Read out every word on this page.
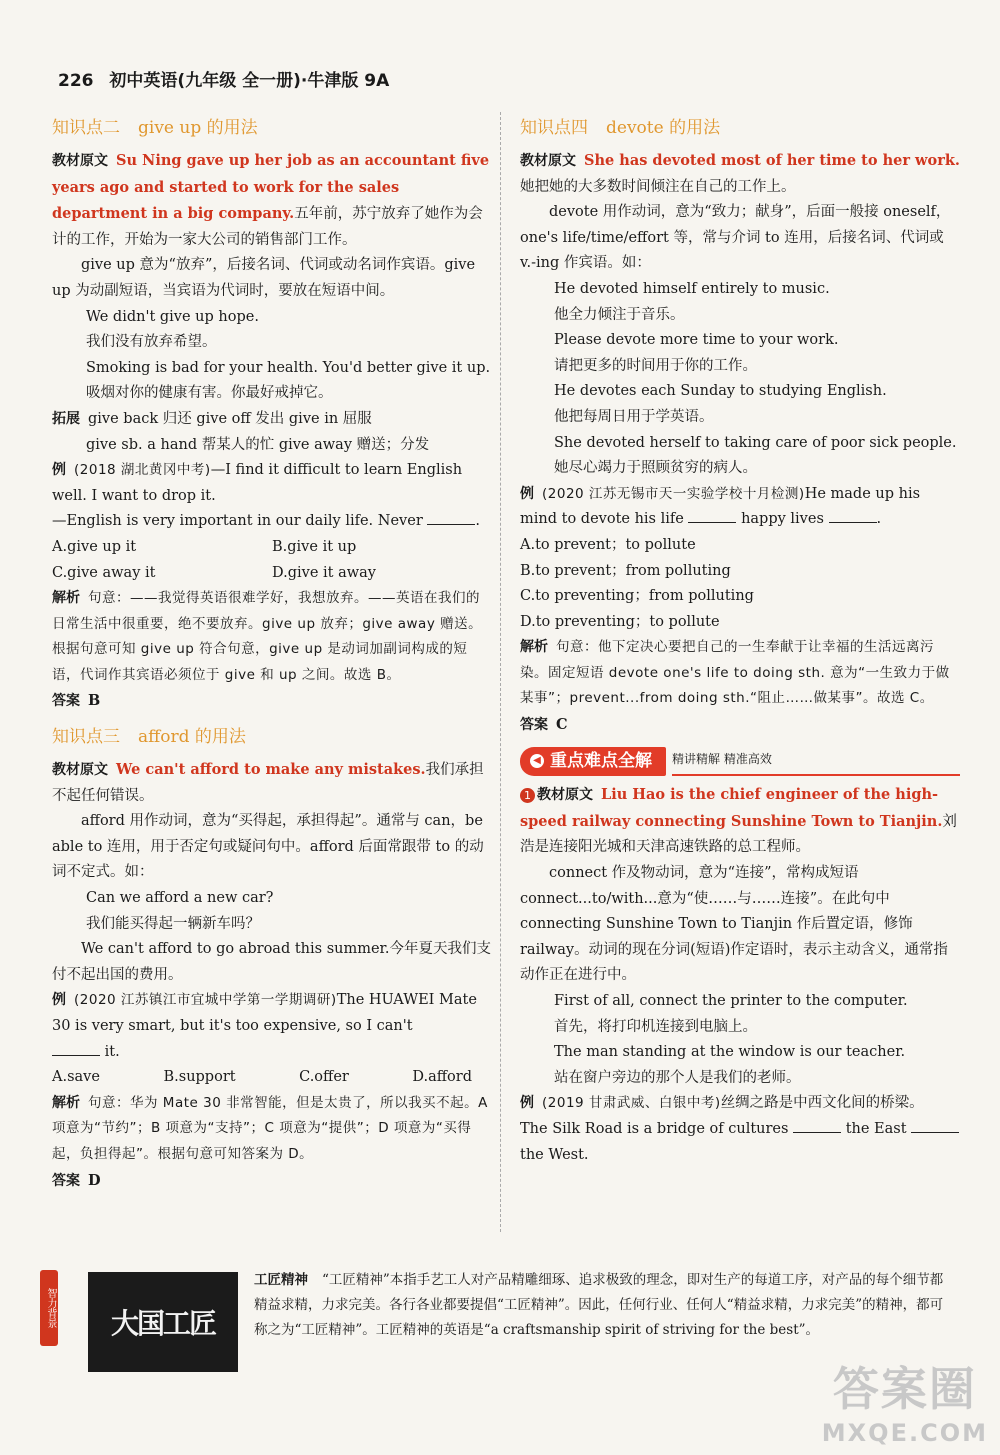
226 初中英语(九年级 全一册)·牛津版 9A
知识点二 give up 的用法

教材原文 Su Ning gave up her job as an accountant five years ago and started to work for the sales department in a big company.五年前，苏宁放弃了她作为会计的工作，开始为一家大公司的销售部门工作。

give up 意为“放弃”，后接名词、代词或动名词作宾语。give up 为动副短语，当宾语为代词时，要放在短语中间。

We didn't give up hope.

我们没有放弃希望。

Smoking is bad for your health. You'd better give it up.

吸烟对你的健康有害。你最好戒掉它。

拓展 give back 归还 give off 发出 give in 屈服

give sb. a hand 帮某人的忙 give away 赠送；分发

例 (2018 湖北黄冈中考)—I find it difficult to learn English well. I want to drop it.

—English is very important in our daily life. Never	.

A.give up it	B.give it up
C.give away it	D.give it away

解析 句意：——我觉得英语很难学好，我想放弃。——英语在我们的日常生活中很重要，绝不要放弃。give up 放弃；give away 赠送。根据句意可知 give up 符合句意，give up 是动词加副词构成的短语，代词作其宾语必须位于 give 和 up 之间。故选 B。

答案 B

知识点三 afford 的用法

教材原文 We can't afford to make any mistakes.我们承担不起任何错误。

afford 用作动词，意为“买得起，承担得起”。通常与 can，be able to 连用，用于否定句或疑问句中。afford 后面常跟带 to 的动词不定式。如：

Can we afford a new car?

我们能买得起一辆新车吗？

We can't afford to go abroad this summer.今年夏天我们支付不起出国的费用。

例 (2020 江苏镇江市宜城中学第一学期调研)The HUAWEI Mate 30 is very smart, but it's too expensive, so I can't

it.

A.save	B.support	C.offer	D.afford

解析 句意：华为 Mate 30 非常智能，但是太贵了，所以我买不起。A 项意为“节约”；B 项意为“支持”；C 项意为“提供”；D 项意为“买得起，负担得起”。根据句意可知答案为 D。

答案 D

知识点四 devote 的用法

教材原文 She has devoted most of her time to her work.她把她的大多数时间倾注在自己的工作上。

devote 用作动词，意为“致力；献身”，后面一般接 oneself，one's life/time/effort 等，常与介词 to 连用，后接名词、代词或 v.-ing 作宾语。如：

He devoted himself entirely to music.

他全力倾注于音乐。

Please devote more time to your work.

请把更多的时间用于你的工作。

He devotes each Sunday to studying English.

他把每周日用于学英语。

She devoted herself to taking care of poor sick people.

她尽心竭力于照顾贫穷的病人。

例 (2020 江苏无锡市天一实验学校十月检测)He made up his mind to devote his life	happy lives	.

A.to prevent；to pollute

B.to prevent；from polluting

C.to preventing；from polluting

D.to preventing；to pollute

解析 句意：他下定决心要把自己的一生奉献于让幸福的生活远离污染。固定短语 devote one's life to doing sth. 意为“一生致力于做某事”；prevent...from doing sth.“阻止……做某事”。故选 C。

答案 C

◀ 重点难点全解 精讲精解 精准高效

1 教材原文 Liu Hao is the chief engineer of the high-speed railway connecting Sunshine Town to Tianjin.刘浩是连接阳光城和天津高速铁路的总工程师。

connect 作及物动词，意为“连接”，常构成短语 connect...to/with...意为“使……与……连接”。在此句中 connecting Sunshine Town to Tianjin 作后置定语，修饰 railway。动词的现在分词(短语)作定语时，表示主动含义，通常指动作正在进行中。

First of all, connect the printer to the computer.

首先，将打印机连接到电脑上。

The man standing at the window is our teacher.

站在窗户旁边的那个人是我们的老师。

例 (2019 甘肃武威、白银中考)丝绸之路是中西文化间的桥梁。

The Silk Road is a bridge of cultures	the East

the West.

智力背景	大国工匠
工匠精神 “工匠精神”本指手艺工人对产品精雕细琢、追求极致的理念，即对生产的每道工序，对产品的每个细节都精益求精，力求完美。各行各业都要提倡“工匠精神”。因此，任何行业、任何人“精益求精，力求完美”的精神，都可称之为“工匠精神”。工匠精神的英语是“a craftsmanship spirit of striving for the best”。
答案圈
MXQE.COM
